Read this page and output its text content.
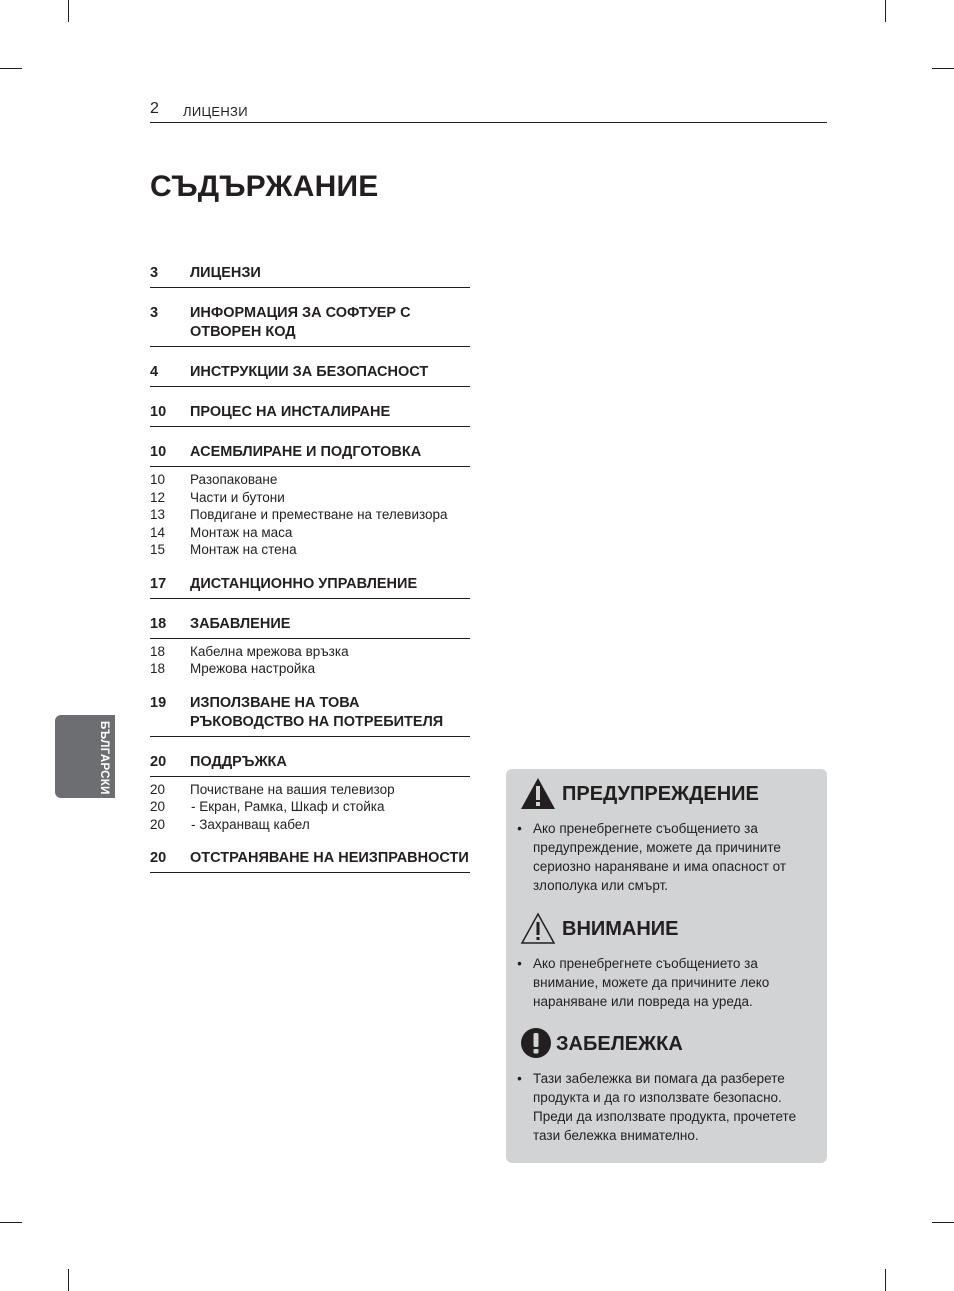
2 ЛИЦЕНЗИ
СЪДЪРЖАНИЕ
3	ЛИЦЕНЗИ
3	ИНФОРМАЦИЯ ЗА СОФТУЕР С ОТВОРЕН КОД
4	ИНСТРУКЦИИ ЗА БЕЗОПАСНОСТ
10	ПРОЦЕС НА ИНСТАЛИРАНЕ
10	АСЕМБЛИРАНЕ И ПОДГОТОВКА
10	Разопаковане
12	Части и бутони
13	Повдигане и преместване на телевизора
14	Монтаж на маса
15	Монтаж на стена
17	ДИСТАНЦИОННО УПРАВЛЕНИЕ
18	ЗАБАВЛЕНИЕ
18	Кабелна мрежова връзка
18	Мрежова настройка
19	ИЗПОЛЗВАНЕ НА ТОВА РЪКОВОДСТВО НА ПОТРЕБИТЕЛЯ
20	ПОДДРЪЖКА
20	Почистване на вашия телевизор
20	- Екран, Рамка, Шкаф и стойка
20	- Захранващ кабел
20	ОТСТРАНЯВАНЕ НА НЕИЗПРАВНОСТИ
БЪЛГАРСКИ	ПРЕДУПРЕЖДЕНИЕ
• Ако пренебрегнете съобщението за предупреждение, можете да причините сериозно нараняване и има опасност от злополука или смърт.
ВНИМАНИЕ
• Ако пренебрегнете съобщението за внимание, можете да причините леко нараняване или повреда на уреда.
ЗАБЕЛЕЖКА
• Тази забележка ви помага да разберете продукта и да го използвате безопасно. Преди да използвате продукта, прочетете тази бележка внимателно.
